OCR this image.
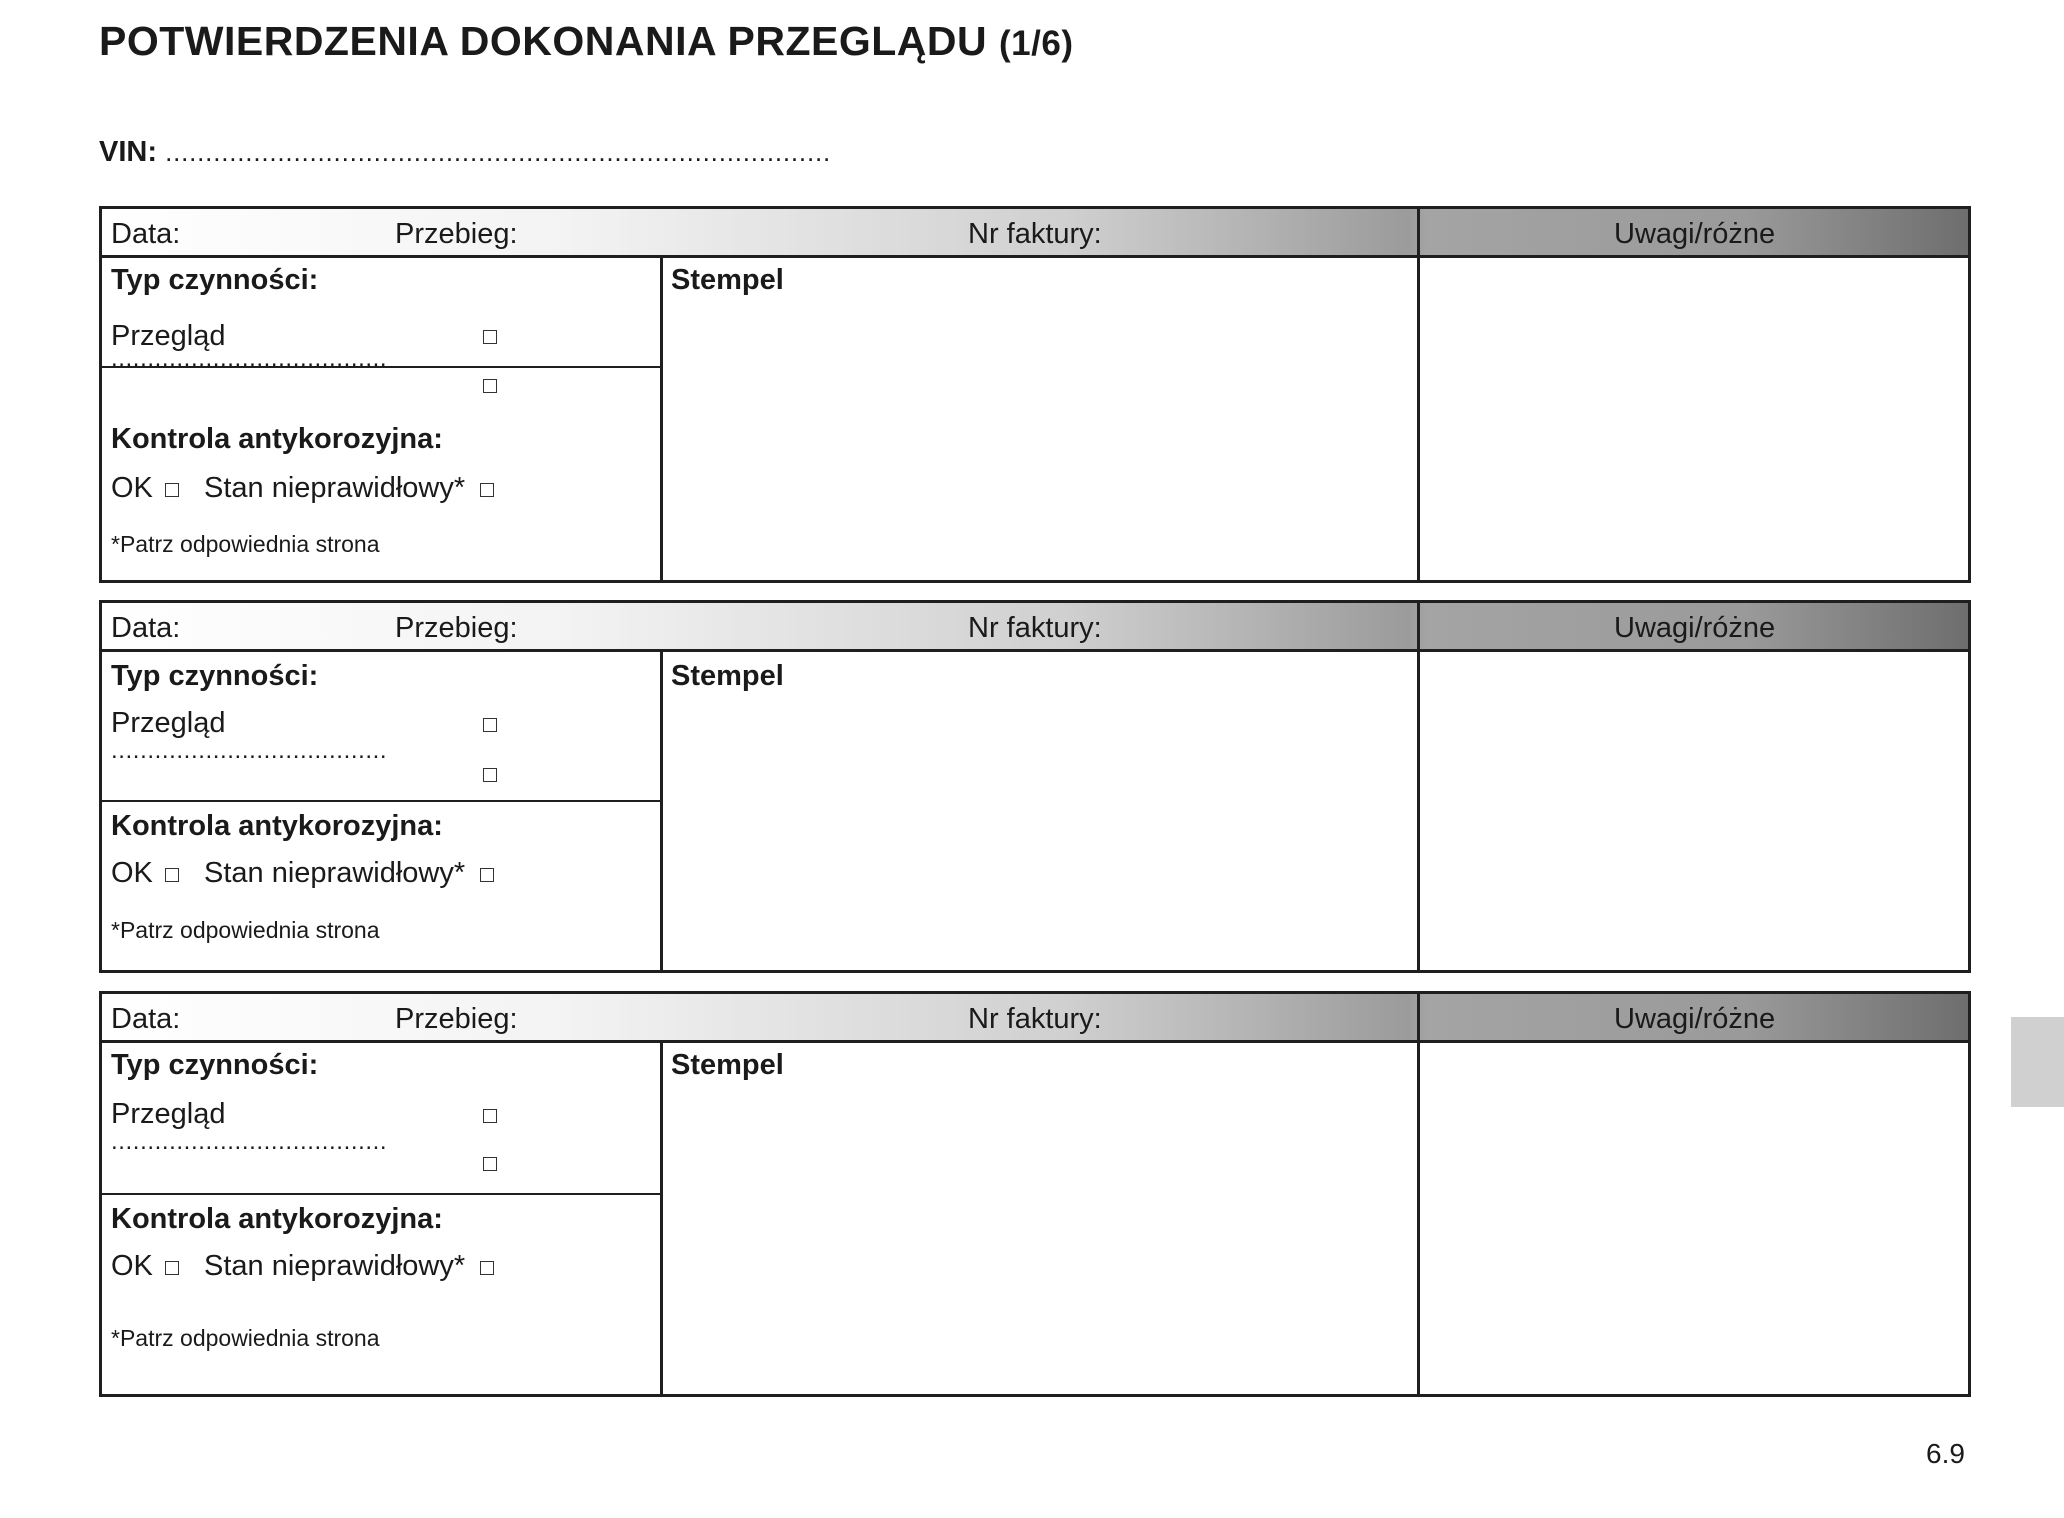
POTWIERDZENIA DOKONANIA PRZEGLĄDU (1/6)
VIN: ...................................................................................
Data:	Przebieg:	Nr faktury:	Uwagi/różne
Typ czynności:
Przegląd
......................................
Kontrola antykorozyjna:
OK Stan nieprawidłowy*
*Patrz odpowiednia strona
Stempel
Data:	Przebieg:	Nr faktury:	Uwagi/różne
Typ czynności:
Przegląd
......................................
Kontrola antykorozyjna:
OK Stan nieprawidłowy*
*Patrz odpowiednia strona
Stempel
Data:	Przebieg:	Nr faktury:	Uwagi/różne
Typ czynności:
Przegląd
......................................
Kontrola antykorozyjna:
OK Stan nieprawidłowy*
*Patrz odpowiednia strona
Stempel
6.9
